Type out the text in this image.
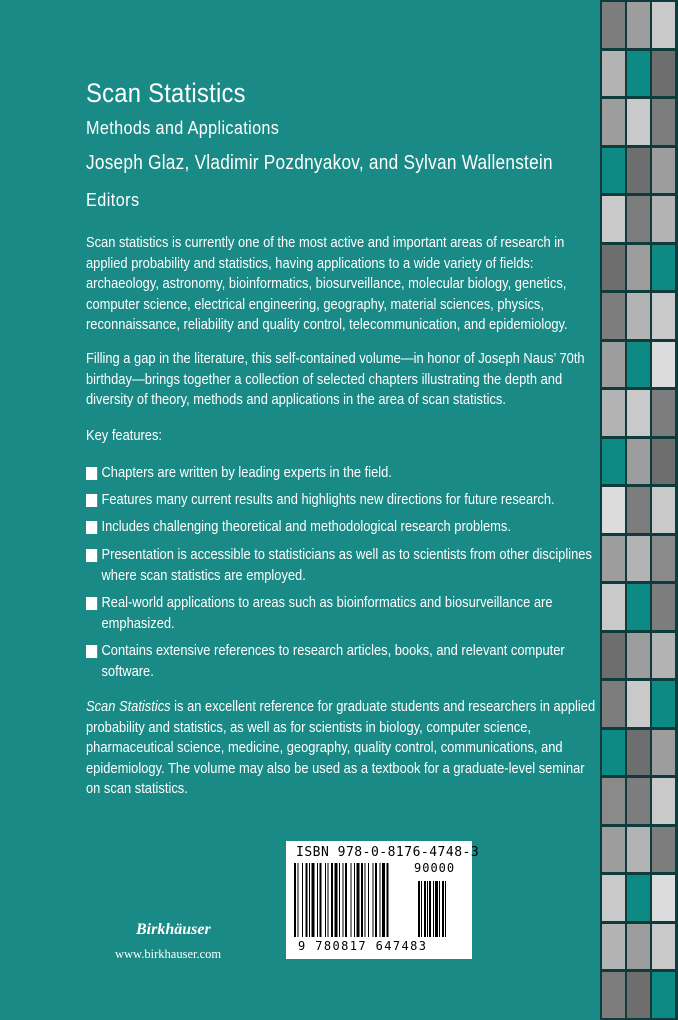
Scan Statistics
Methods and Applications
Joseph Glaz, Vladimir Pozdnyakov, and Sylvan Wallenstein
Editors
Scan statistics is currently one of the most active and important areas of research in
applied probability and statistics, having applications to a wide variety of fields:
archaeology, astronomy, bioinformatics, biosurveillance, molecular biology, genetics,
computer science, electrical engineering, geography, material sciences, physics,
reconnaissance, reliability and quality control, telecommunication, and epidemiology.
Filling a gap in the literature, this self-contained volume—in honor of Joseph Naus’ 70th
birthday—brings together a collection of selected chapters illustrating the depth and
diversity of theory, methods and applications in the area of scan statistics.
Key features:
Chapters are written by leading experts in the field.
Features many current results and highlights new directions for future research.
Includes challenging theoretical and methodological research problems.
Presentation is accessible to statisticians as well as to scientists from other disciplines
where scan statistics are employed.
Real-world applications to areas such as bioinformatics and biosurveillance are
emphasized.
Contains extensive references to research articles, books, and relevant computer
software.
Scan Statistics is an excellent reference for graduate students and researchers in applied
probability and statistics, as well as for scientists in biology, computer science,
pharmaceutical science, medicine, geography, quality control, communications, and
epidemiology. The volume may also be used as a textbook for a graduate-level seminar
on scan statistics.
ISBN 978-0-8176-4748-3
90000
9 780817 647483
Birkhäuser
www.birkhauser.com
